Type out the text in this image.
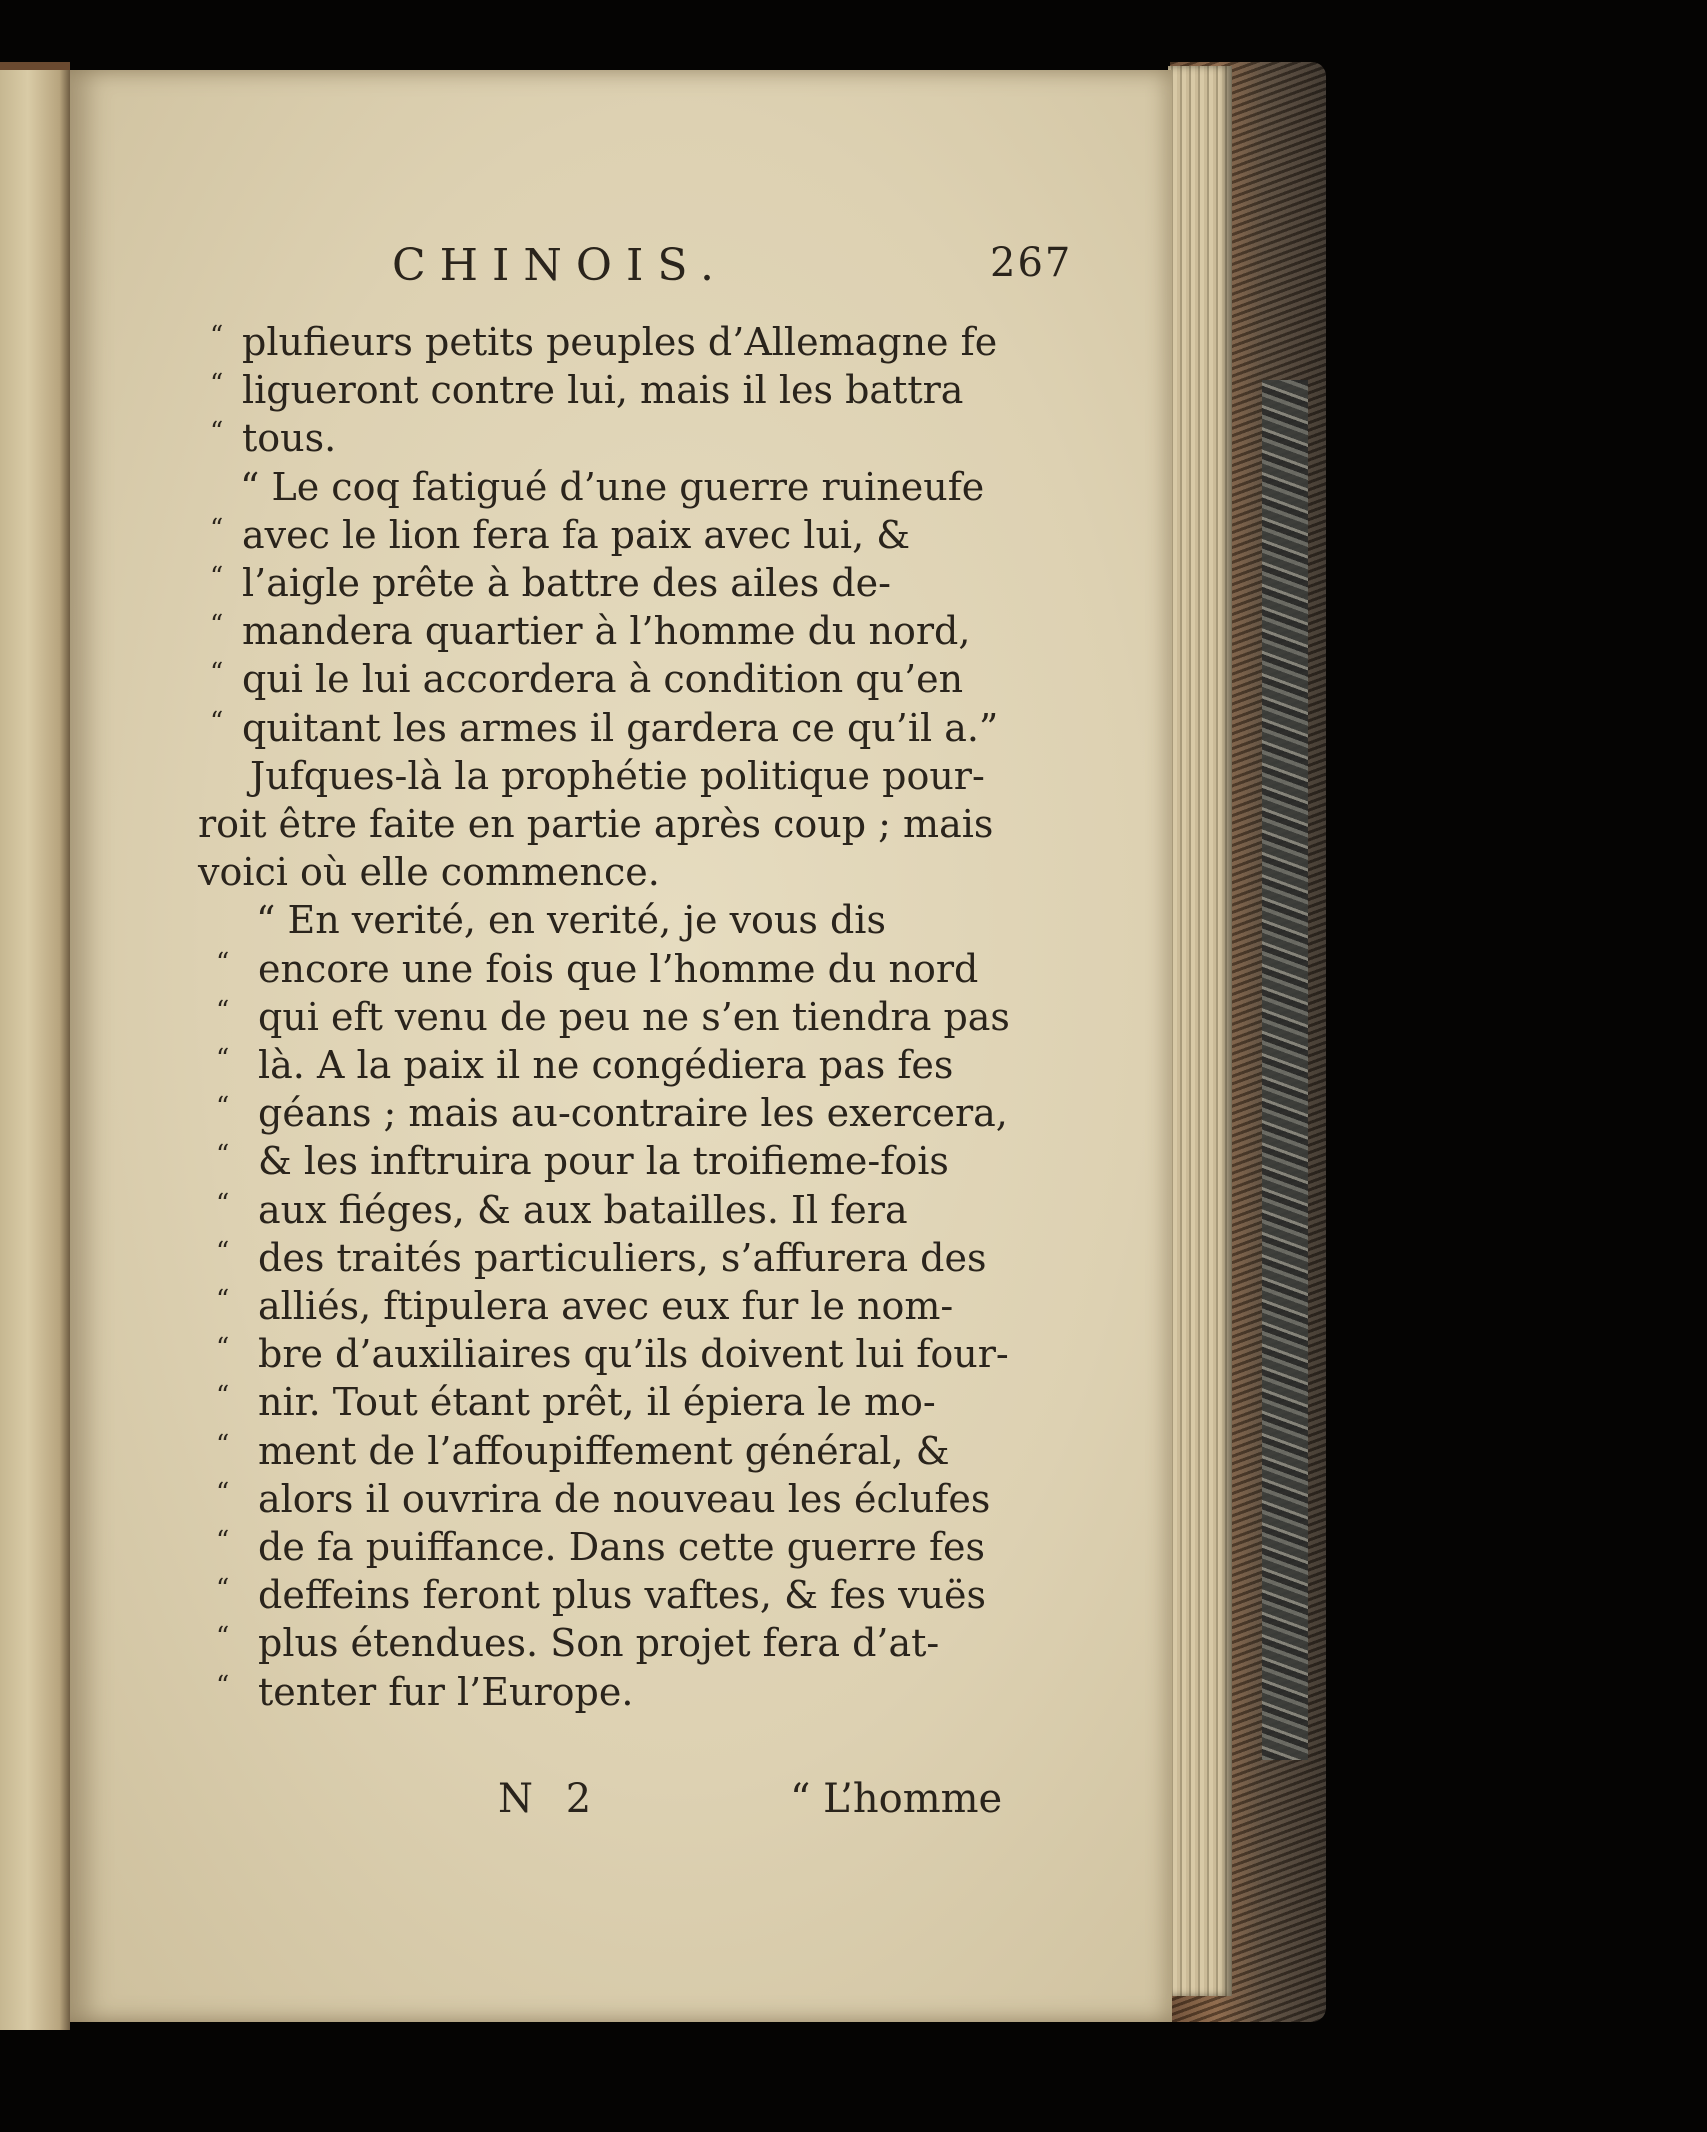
CHINOIS.	267
“ plufieurs petits peuples d’Allemagne fe
“ ligueront contre lui, mais il les battra
“ tous.
“ Le coq fatigué d’une guerre ruineufe
“ avec le lion fera fa paix avec lui, &
“ l’aigle prête à battre des ailes de-
“ mandera quartier à l’homme du nord,
“ qui le lui accordera à condition qu’en
“ quitant les armes il gardera ce qu’il a.”
Jufques-là la prophétie politique pour-
roit être faite en partie après coup ; mais
voici où elle commence.
“ En verité, en verité, je vous dis
“ encore une fois que l’homme du nord
“ qui eft venu de peu ne s’en tiendra pas
“ là. A la paix il ne congédiera pas fes
“ géans ; mais au-contraire les exercera,
“ & les inftruira pour la troifieme-fois
“ aux fiéges, & aux batailles. Il fera
“ des traités particuliers, s’affurera des
“ alliés, ftipulera avec eux fur le nom-
“ bre d’auxiliaires qu’ils doivent lui four-
“ nir. Tout étant prêt, il épiera le mo-
“ ment de l’affoupiffement général, &
“ alors il ouvrira de nouveau les éclufes
“ de fa puiffance. Dans cette guerre fes
“ deffeins feront plus vaftes, & fes vuës
“ plus étendues. Son projet fera d’at-
“ tenter fur l’Europe.
N 2	“ L’homme
